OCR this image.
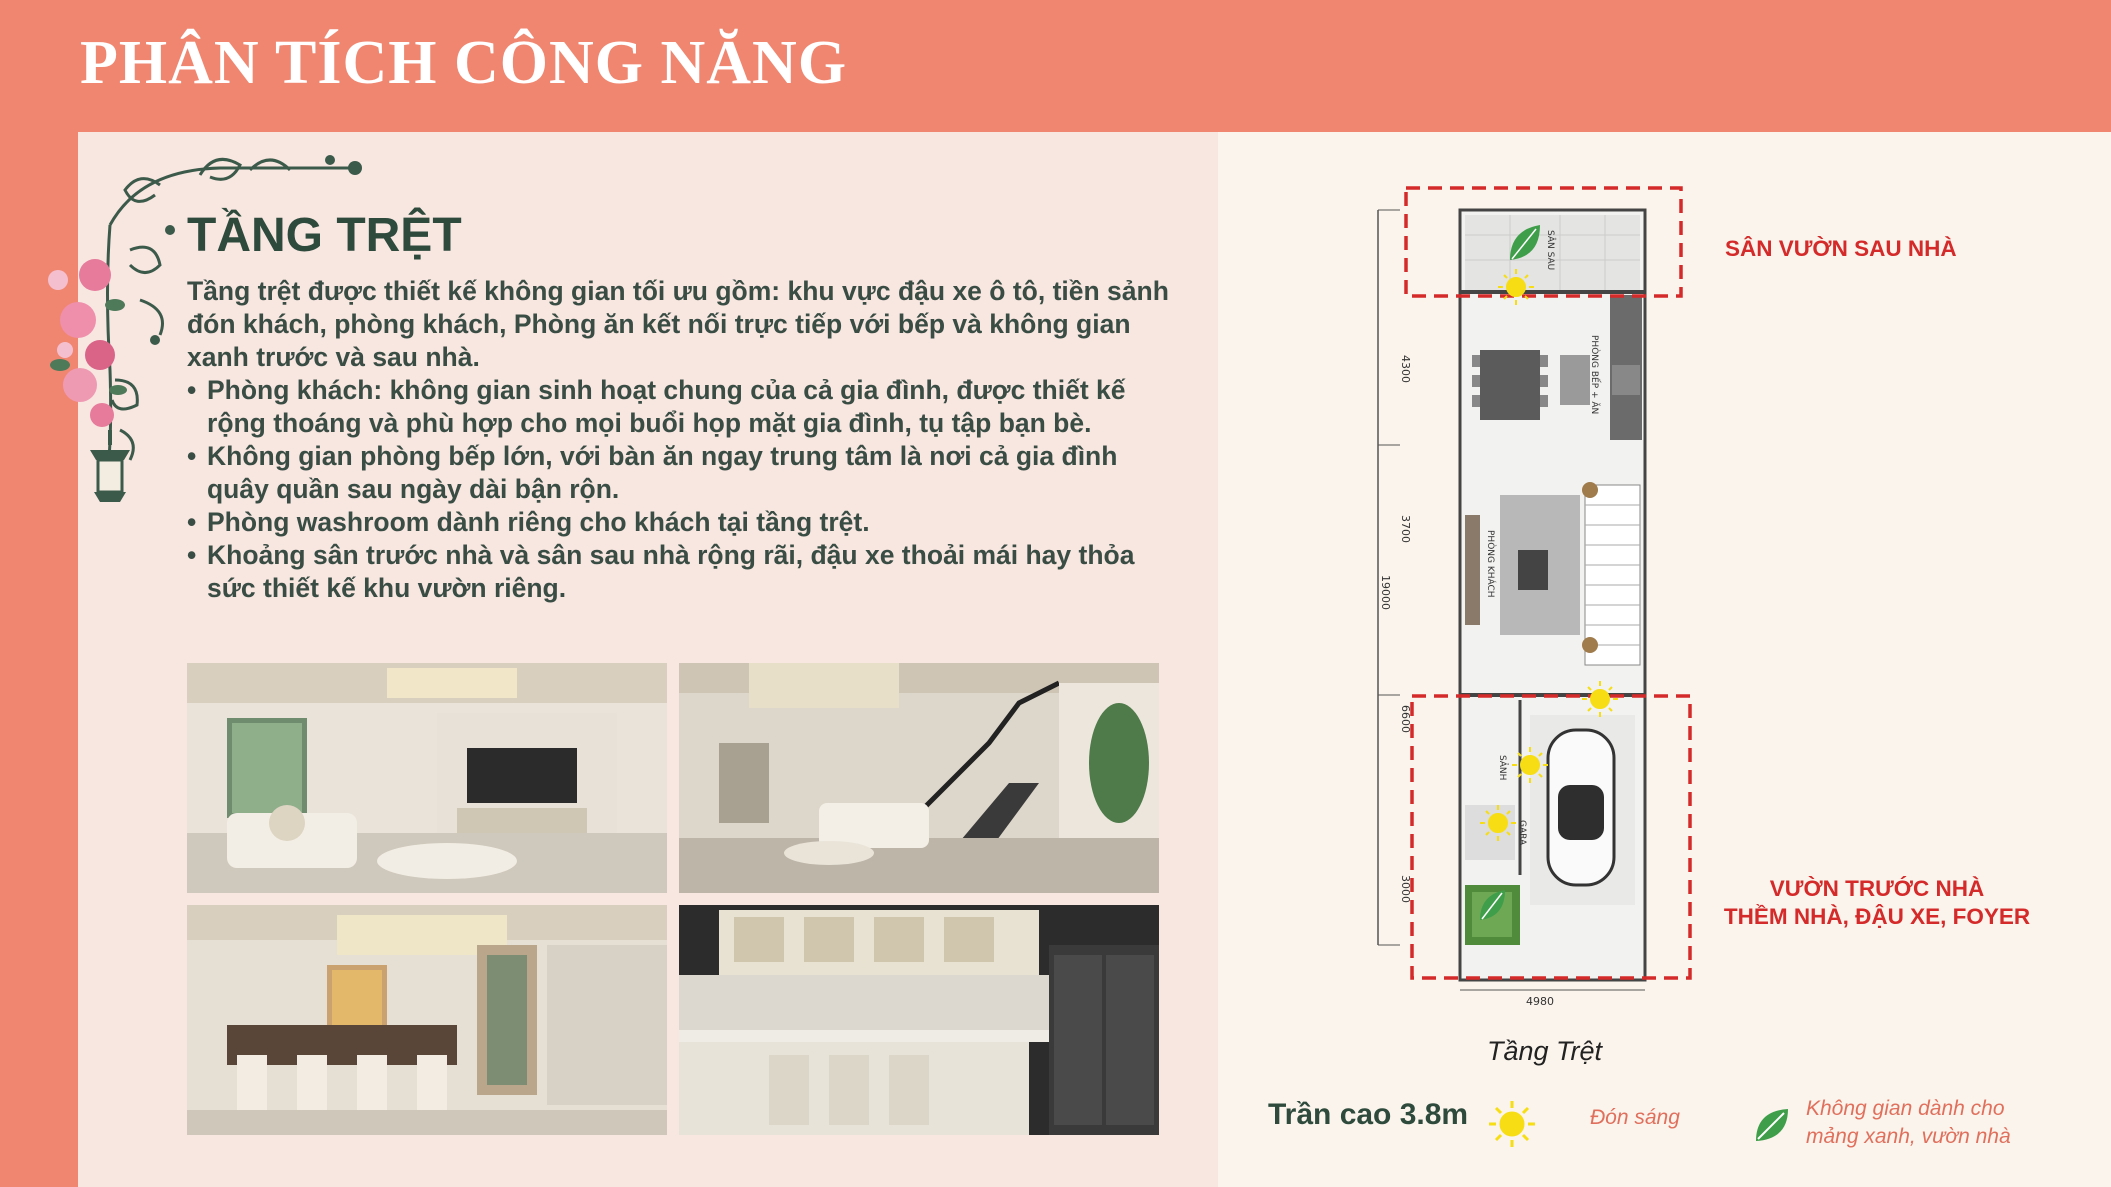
PHÂN TÍCH CÔNG NĂNG
TẦNG TRỆT
Tầng trệt được thiết kế không gian tối ưu gồm: khu vực đậu xe ô tô, tiền sảnh đón khách, phòng khách, Phòng ăn kết nối trực tiếp với bếp và không gian xanh trước và sau nhà.
• Phòng khách: không gian sinh hoạt chung của cả gia đình, được thiết kế rộng thoáng và phù hợp cho mọi buổi họp mặt gia đình, tụ tập bạn bè.
• Không gian phòng bếp lớn, với bàn ăn ngay trung tâm là nơi cả gia đình quây quần sau ngày dài bận rộn.
• Phòng washroom dành riêng cho khách tại tầng trệt.
• Khoảng sân trước nhà và sân sau nhà rộng rãi, đậu xe thoải mái hay thỏa sức thiết kế khu vườn riêng.
4300
3700
19000
6600
3000
4980
SÂN SAU
PHÒNG BẾP + ĂN
PHÒNG KHÁCH
SẢNH
GARA
Tầng Trệt
SÂN VƯỜN SAU NHÀ
VƯỜN TRƯỚC NHÀ
THỀM NHÀ, ĐẬU XE, FOYER
Trần cao 3.8m	Đón sáng	Không gian dành cho mảng xanh, vườn nhà
